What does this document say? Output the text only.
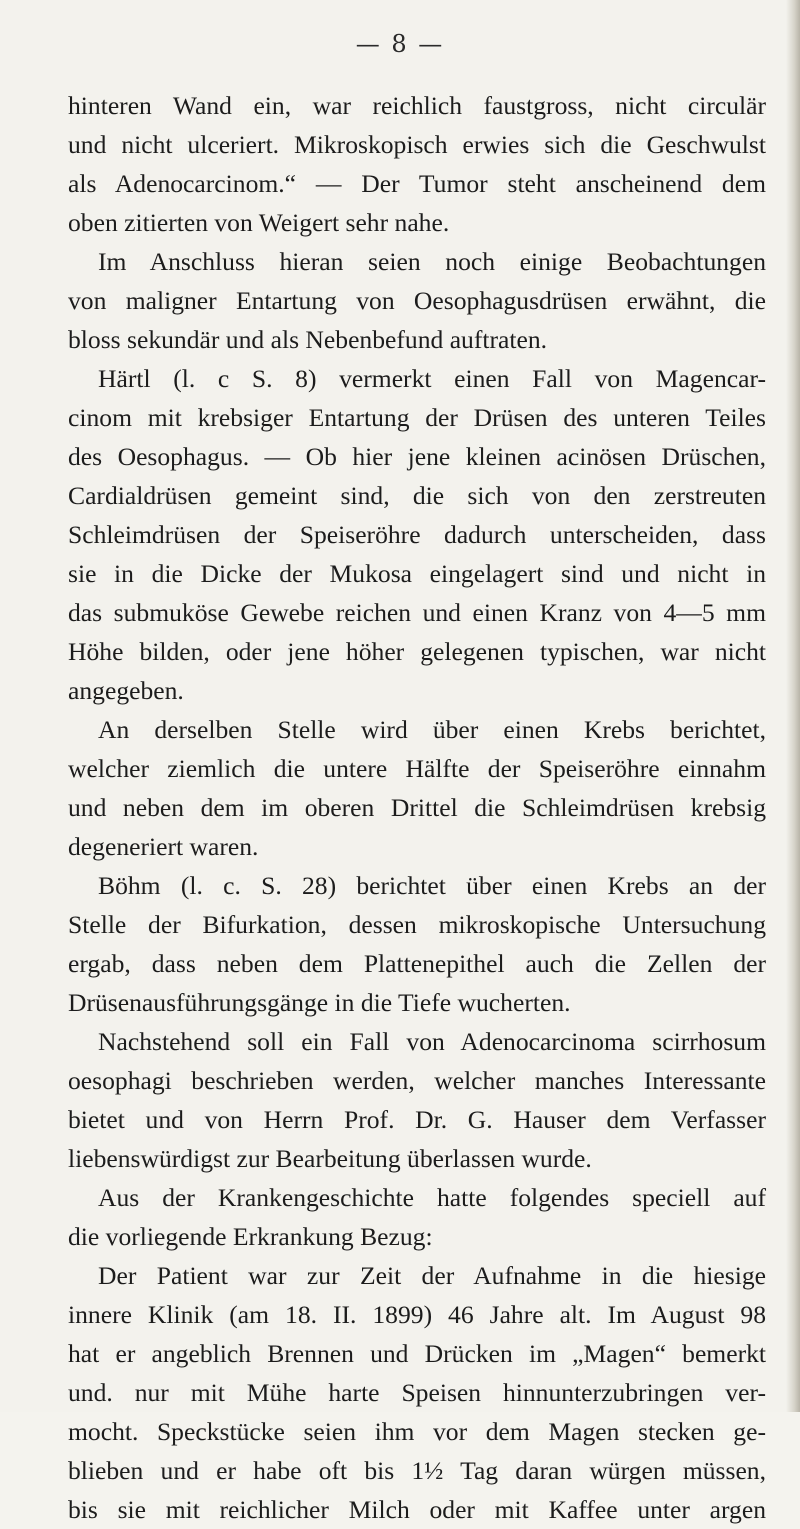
— 8 —
hinteren Wand ein, war reichlich faustgross, nicht circulär
und nicht ulceriert. Mikroskopisch erwies sich die Geschwulst
als Adenocarcinom.“ — Der Tumor steht anscheinend dem
oben zitierten von Weigert sehr nahe.
Im Anschluss hieran seien noch einige Beobachtungen
von maligner Entartung von Oesophagusdrüsen erwähnt, die
bloss sekundär und als Nebenbefund auftraten.
Härtl (l. c S. 8) vermerkt einen Fall von Magencar-
cinom mit krebsiger Entartung der Drüsen des unteren Teiles
des Oesophagus. — Ob hier jene kleinen acinösen Drüschen,
Cardialdrüsen gemeint sind, die sich von den zerstreuten
Schleimdrüsen der Speiseröhre dadurch unterscheiden, dass
sie in die Dicke der Mukosa eingelagert sind und nicht in
das submuköse Gewebe reichen und einen Kranz von 4—5 mm
Höhe bilden, oder jene höher gelegenen typischen, war nicht
angegeben.
An derselben Stelle wird über einen Krebs berichtet,
welcher ziemlich die untere Hälfte der Speiseröhre einnahm
und neben dem im oberen Drittel die Schleimdrüsen krebsig
degeneriert waren.
Böhm (l. c. S. 28) berichtet über einen Krebs an der
Stelle der Bifurkation, dessen mikroskopische Untersuchung
ergab, dass neben dem Plattenepithel auch die Zellen der
Drüsenausführungsgänge in die Tiefe wucherten.
Nachstehend soll ein Fall von Adenocarcinoma scirrhosum
oesophagi beschrieben werden, welcher manches Interessante
bietet und von Herrn Prof. Dr. G. Hauser dem Verfasser
liebenswürdigst zur Bearbeitung überlassen wurde.
Aus der Krankengeschichte hatte folgendes speciell auf
die vorliegende Erkrankung Bezug:
Der Patient war zur Zeit der Aufnahme in die hiesige
innere Klinik (am 18. II. 1899) 46 Jahre alt. Im August 98
hat er angeblich Brennen und Drücken im „Magen“ bemerkt
und. nur mit Mühe harte Speisen hinnunterzubringen ver-
mocht. Speckstücke seien ihm vor dem Magen stecken ge-
blieben und er habe oft bis 1½ Tag daran würgen müssen,
bis sie mit reichlicher Milch oder mit Kaffee unter argen
